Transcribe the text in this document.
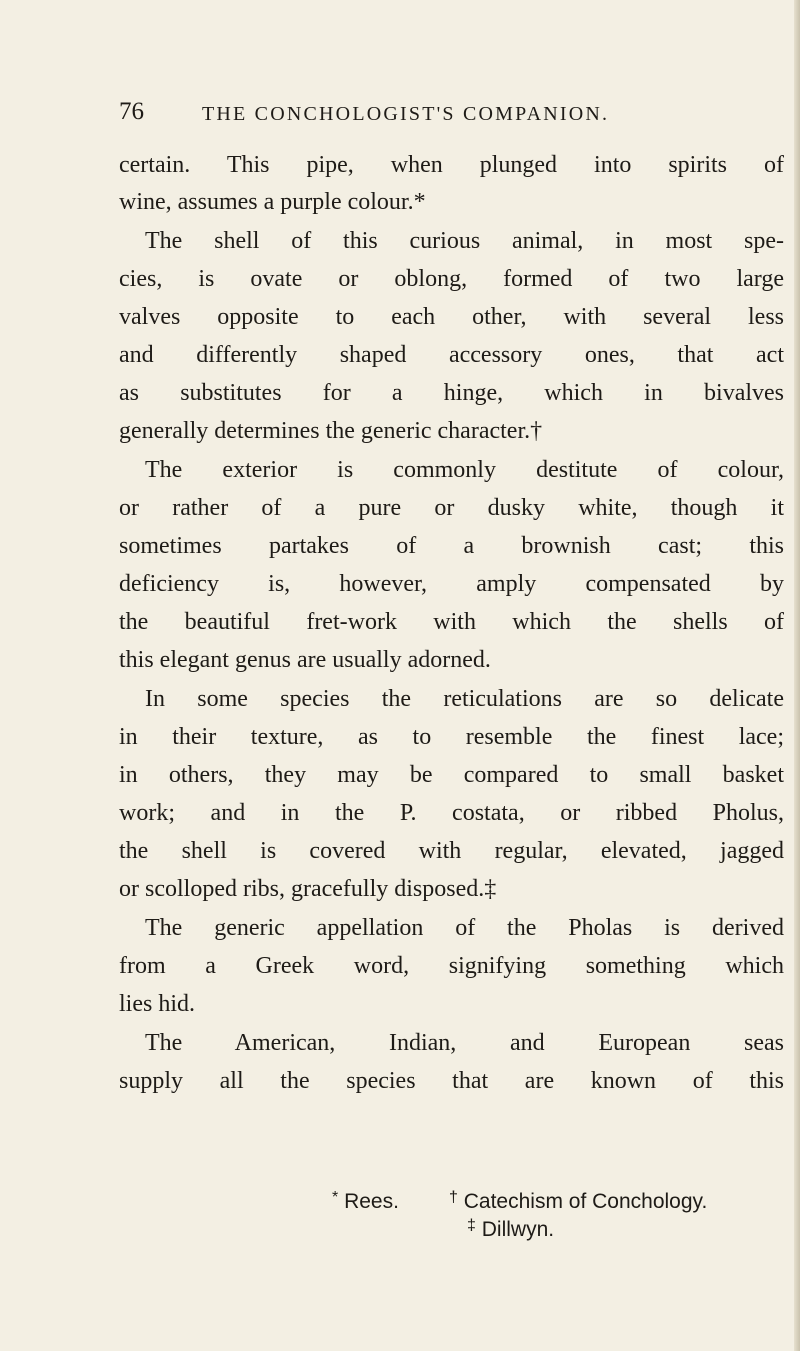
76	THE CONCHOLOGIST'S COMPANION.
certain. This pipe, when plunged into spirits of
wine, assumes a purple colour.*
The shell of this curious animal, in most spe-
cies, is ovate or oblong, formed of two large
valves opposite to each other, with several less
and differently shaped accessory ones, that act
as substitutes for a hinge, which in bivalves
generally determines the generic character.†
The exterior is commonly destitute of colour,
or rather of a pure or dusky white, though it
sometimes partakes of a brownish cast; this
deficiency is, however, amply compensated by
the beautiful fret-work with which the shells of
this elegant genus are usually adorned.
In some species the reticulations are so delicate
in their texture, as to resemble the finest lace;
in others, they may be compared to small basket
work; and in the P. costata, or ribbed Pholus,
the shell is covered with regular, elevated, jagged
or scolloped ribs, gracefully disposed.‡
The generic appellation of the Pholas is derived
from a Greek word, signifying something which
lies hid.
The American, Indian, and European seas
supply all the species that are known of this
* Rees.	† Catechism of Conchology.
‡ Dillwyn.
